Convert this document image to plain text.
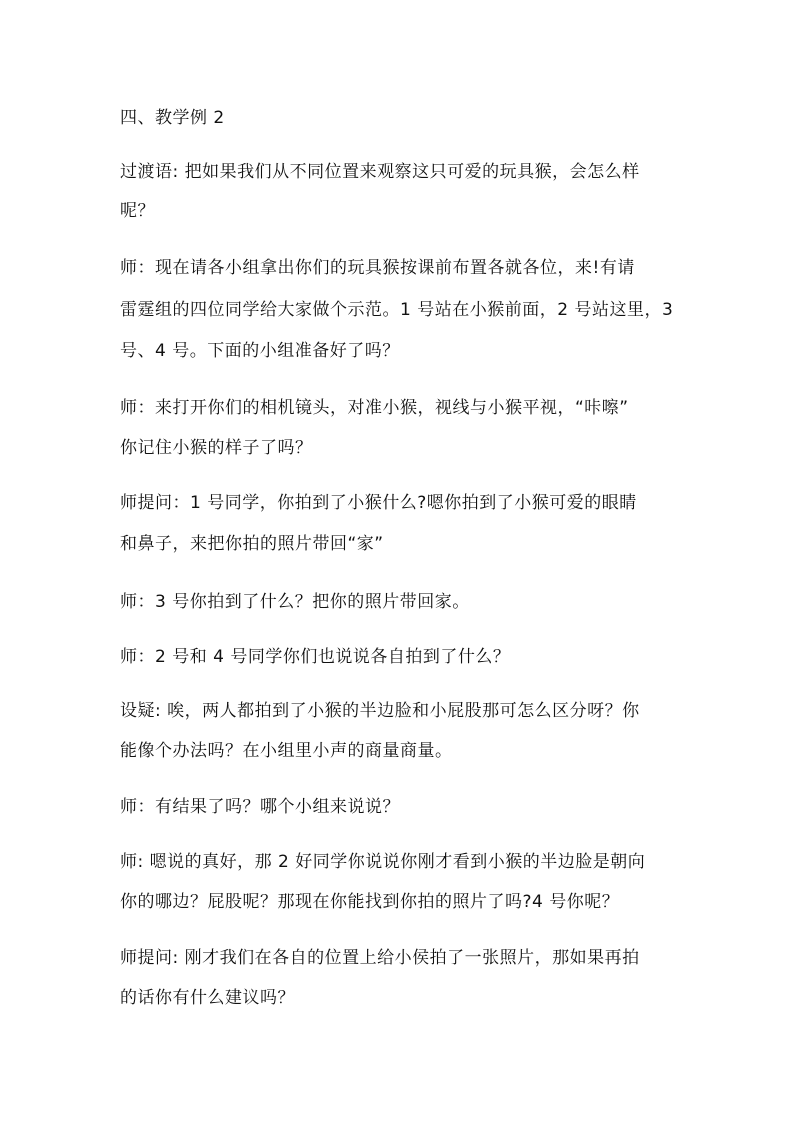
四、教学例 2
过渡语: 把如果我们从不同位置来观察这只可爱的玩具猴，会怎么样
呢？
师：现在请各小组拿出你们的玩具猴按课前布置各就各位，来!有请
雷霆组的四位同学给大家做个示范。1 号站在小猴前面，2 号站这里，3
号、4 号。下面的小组准备好了吗？
师：来打开你们的相机镜头，对准小猴，视线与小猴平视，“咔嚓”
你记住小猴的样子了吗？
师提问：1 号同学，你拍到了小猴什么?嗯你拍到了小猴可爱的眼睛
和鼻子，来把你拍的照片带回“家”
师：3 号你拍到了什么？把你的照片带回家。
师：2 号和 4 号同学你们也说说各自拍到了什么？
设疑: 唉，两人都拍到了小猴的半边脸和小屁股那可怎么区分呀？你
能像个办法吗？在小组里小声的商量商量。
师：有结果了吗？哪个小组来说说？
师: 嗯说的真好，那 2 好同学你说说你刚才看到小猴的半边脸是朝向
你的哪边？屁股呢？那现在你能找到你拍的照片了吗?4 号你呢？
师提问: 刚才我们在各自的位置上给小侯拍了一张照片，那如果再拍
的话你有什么建议吗？
